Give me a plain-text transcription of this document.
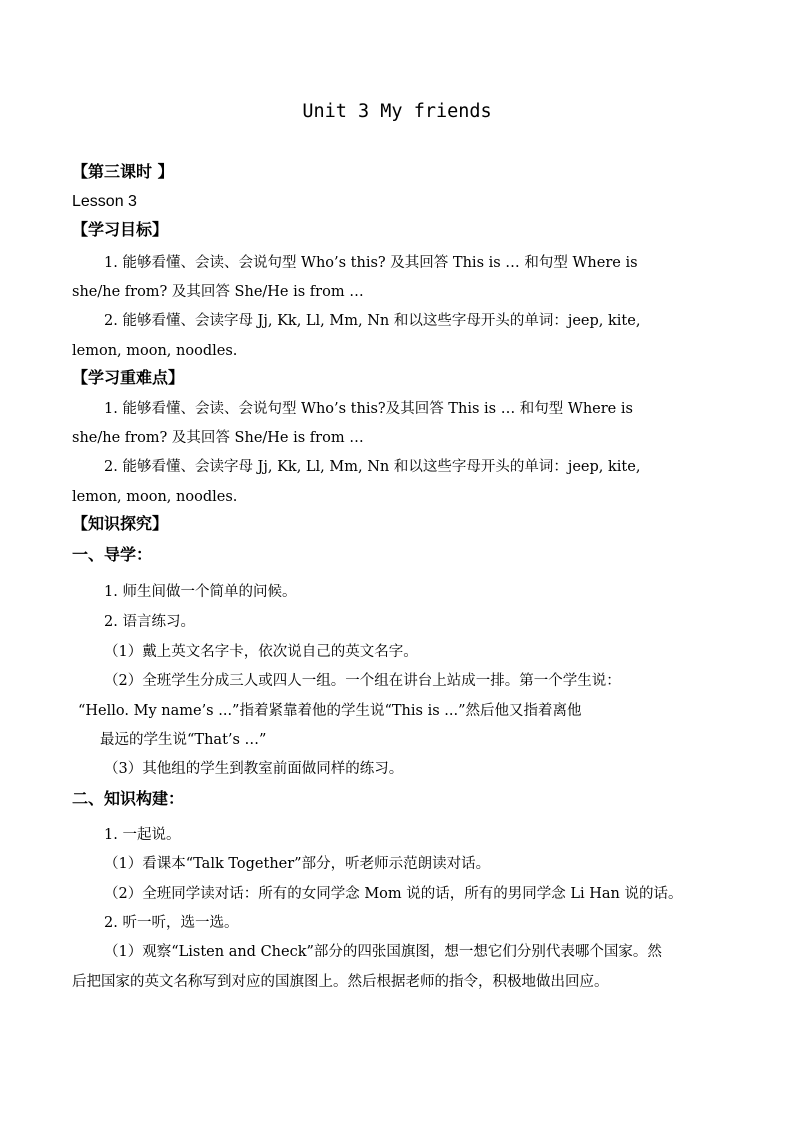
Unit 3 My friends
【第三课时 】
Lesson 3
【学习目标】
1. 能够看懂、会读、会说句型 Who’s this? 及其回答 This is … 和句型 Where is
she/he from? 及其回答 She/He is from …
2. 能够看懂、会读字母 Jj, Kk, Ll, Mm, Nn 和以这些字母开头的单词：jeep, kite,
lemon, moon, noodles.
【学习重难点】
1. 能够看懂、会读、会说句型 Who’s this?及其回答 This is … 和句型 Where is
she/he from? 及其回答 She/He is from …
2. 能够看懂、会读字母 Jj, Kk, Ll, Mm, Nn 和以这些字母开头的单词：jeep, kite,
lemon, moon, noodles.
【知识探究】
一、导学：
1. 师生间做一个简单的问候。
2. 语言练习。
（1）戴上英文名字卡，依次说自己的英文名字。
（2）全班学生分成三人或四人一组。一个组在讲台上站成一排。第一个学生说：
“Hello. My name’s ...”指着紧靠着他的学生说“This is ...”然后他又指着离他
最远的学生说“That’s …”
（3）其他组的学生到教室前面做同样的练习。
二、知识构建：
1. 一起说。
（1）看课本“Talk Together”部分，听老师示范朗读对话。
（2）全班同学读对话：所有的女同学念 Mom 说的话，所有的男同学念 Li Han 说的话。
2. 听一听，选一选。
（1）观察“Listen and Check”部分的四张国旗图，想一想它们分别代表哪个国家。然
后把国家的英文名称写到对应的国旗图上。然后根据老师的指令，积极地做出回应。
